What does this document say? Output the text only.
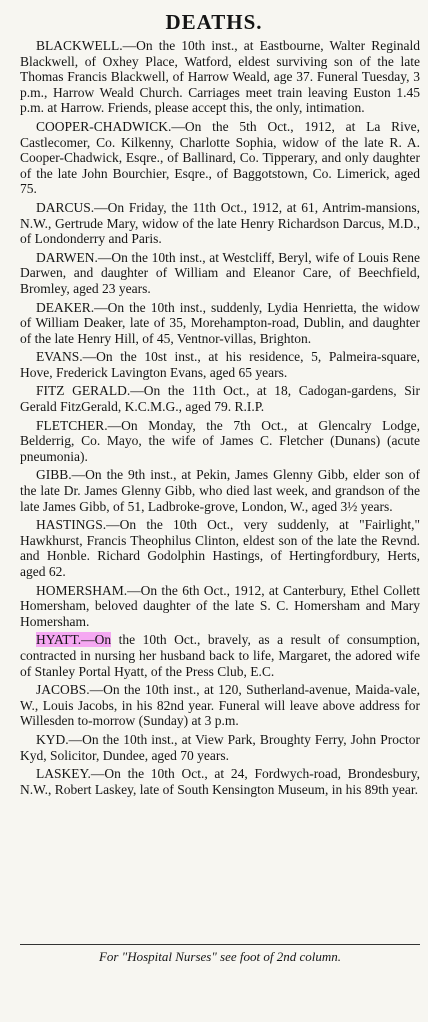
DEATHS.

BLACKWELL.—On the 10th inst., at Eastbourne, Walter Reginald Blackwell, of Oxhey Place, Watford, eldest surviving son of the late Thomas Francis Blackwell, of Harrow Weald, age 37. Funeral Tuesday, 3 p.m., Harrow Weald Church. Carriages meet train leaving Euston 1.45 p.m. at Harrow. Friends, please accept this, the only, intimation.

COOPER-CHADWICK.—On the 5th Oct., 1912, at La Rive, Castlecomer, Co. Kilkenny, Charlotte Sophia, widow of the late R. A. Cooper-Chadwick, Esqre., of Ballinard, Co. Tipperary, and only daughter of the late John Bourchier, Esqre., of Baggotstown, Co. Limerick, aged 75.

DARCUS.—On Friday, the 11th Oct., 1912, at 61, Antrim-mansions, N.W., Gertrude Mary, widow of the late Henry Richardson Darcus, M.D., of Londonderry and Paris.

DARWEN.—On the 10th inst., at Westcliff, Beryl, wife of Louis Rene Darwen, and daughter of William and Eleanor Care, of Beechfield, Bromley, aged 23 years.

DEAKER.—On the 10th inst., suddenly, Lydia Henrietta, the widow of William Deaker, late of 35, Morehampton-road, Dublin, and daughter of the late Henry Hill, of 45, Ventnor-villas, Brighton.

EVANS.—On the 10st inst., at his residence, 5, Palmeira-square, Hove, Frederick Lavington Evans, aged 65 years.

FITZ GERALD.—On the 11th Oct., at 18, Cadogan-gardens, Sir Gerald FitzGerald, K.C.M.G., aged 79. R.I.P.

FLETCHER.—On Monday, the 7th Oct., at Glencalry Lodge, Belderrig, Co. Mayo, the wife of James C. Fletcher (Dunans) (acute pneumonia).

GIBB.—On the 9th inst., at Pekin, James Glenny Gibb, elder son of the late Dr. James Glenny Gibb, who died last week, and grandson of the late James Gibb, of 51, Ladbroke-grove, London, W., aged 3½ years.

HASTINGS.—On the 10th Oct., very suddenly, at "Fairlight," Hawkhurst, Francis Theophilus Clinton, eldest son of the late the Revnd. and Honble. Richard Godolphin Hastings, of Hertingfordbury, Herts, aged 62.

HOMERSHAM.—On the 6th Oct., 1912, at Canterbury, Ethel Collett Homersham, beloved daughter of the late S. C. Homersham and Mary Homersham.

HYATT.—On the 10th Oct., bravely, as a result of consumption, contracted in nursing her husband back to life, Margaret, the adored wife of Stanley Portal Hyatt, of the Press Club, E.C.

JACOBS.—On the 10th inst., at 120, Sutherland-avenue, Maida-vale, W., Louis Jacobs, in his 82nd year. Funeral will leave above address for Willesden to-morrow (Sunday) at 3 p.m.

KYD.—On the 10th inst., at View Park, Broughty Ferry, John Proctor Kyd, Solicitor, Dundee, aged 70 years.

LASKEY.—On the 10th Oct., at 24, Fordwych-road, Brondesbury, N.W., Robert Laskey, late of South Kensington Museum, in his 89th year.

For "Hospital Nurses" see foot of 2nd column.
